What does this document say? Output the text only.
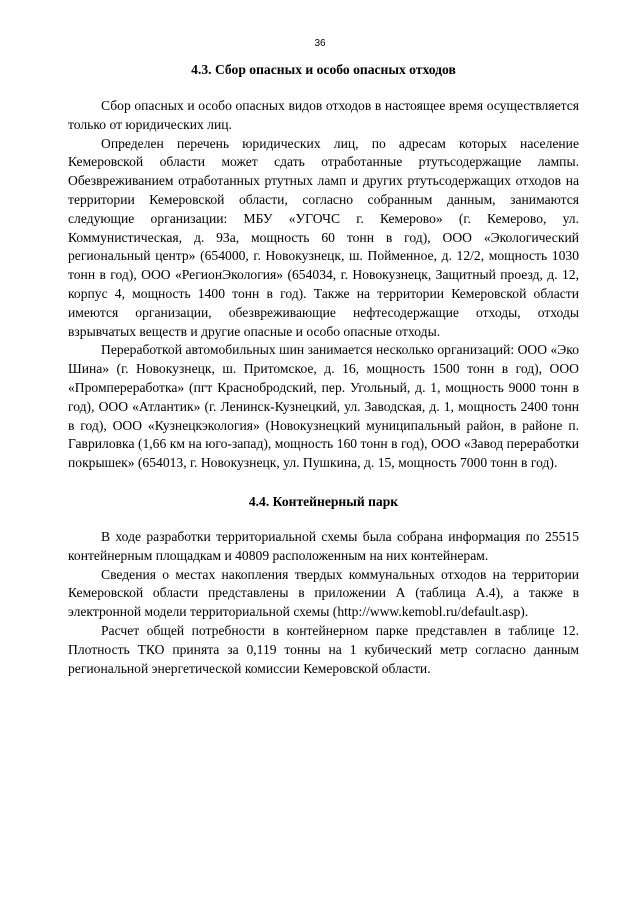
36
4.3. Сбор опасных и особо опасных отходов

Сбор опасных и особо опасных видов отходов в настоящее время осуществляется только от юридических лиц.

Определен перечень юридических лиц, по адресам которых население Кемеровской области может сдать отработанные ртутьсодержащие лампы. Обезвреживанием отработанных ртутных ламп и других ртутьсодержащих отходов на территории Кемеровской области, согласно собранным данным, занимаются следующие организации: МБУ «УГОЧС г. Кемерово» (г. Кемерово, ул. Коммунистическая, д. 93а, мощность 60 тонн в год), ООО «Экологический региональный центр» (654000, г. Новокузнецк, ш. Пойменное, д. 12/2, мощность 1030 тонн в год), ООО «РегионЭкология» (654034, г. Новокузнецк, Защитный проезд, д. 12, корпус 4, мощность 1400 тонн в год). Также на территории Кемеровской области имеются организации, обезвреживающие нефтесодержащие отходы, отходы взрывчатых веществ и другие опасные и особо опасные отходы.

Переработкой автомобильных шин занимается несколько организаций: ООО «Эко Шина» (г. Новокузнецк, ш. Притомское, д. 16, мощность 1500 тонн в год), ООО «Промпереработка» (пгт Краснобродский, пер. Угольный, д. 1, мощность 9000 тонн в год), ООО «Атлантик» (г. Ленинск-Кузнецкий, ул. Заводская, д. 1, мощность 2400 тонн в год), ООО «Кузнецкэкология» (Новокузнецкий муниципальный район, в районе п. Гавриловка (1,66 км на юго-запад), мощность 160 тонн в год), ООО «Завод переработки покрышек» (654013, г. Новокузнецк, ул. Пушкина, д. 15, мощность 7000 тонн в год).

4.4. Контейнерный парк

В ходе разработки территориальной схемы была собрана информация по 25515 контейнерным площадкам и 40809 расположенным на них контейнерам.

Сведения о местах накопления твердых коммунальных отходов на территории Кемеровской области представлены в приложении А (таблица А.4), а также в электронной модели территориальной схемы (http://www.kemobl.ru/default.asp).

Расчет общей потребности в контейнерном парке представлен в таблице 12. Плотность ТКО принята за 0,119 тонны на 1 кубический метр согласно данным региональной энергетической комиссии Кемеровской области.
